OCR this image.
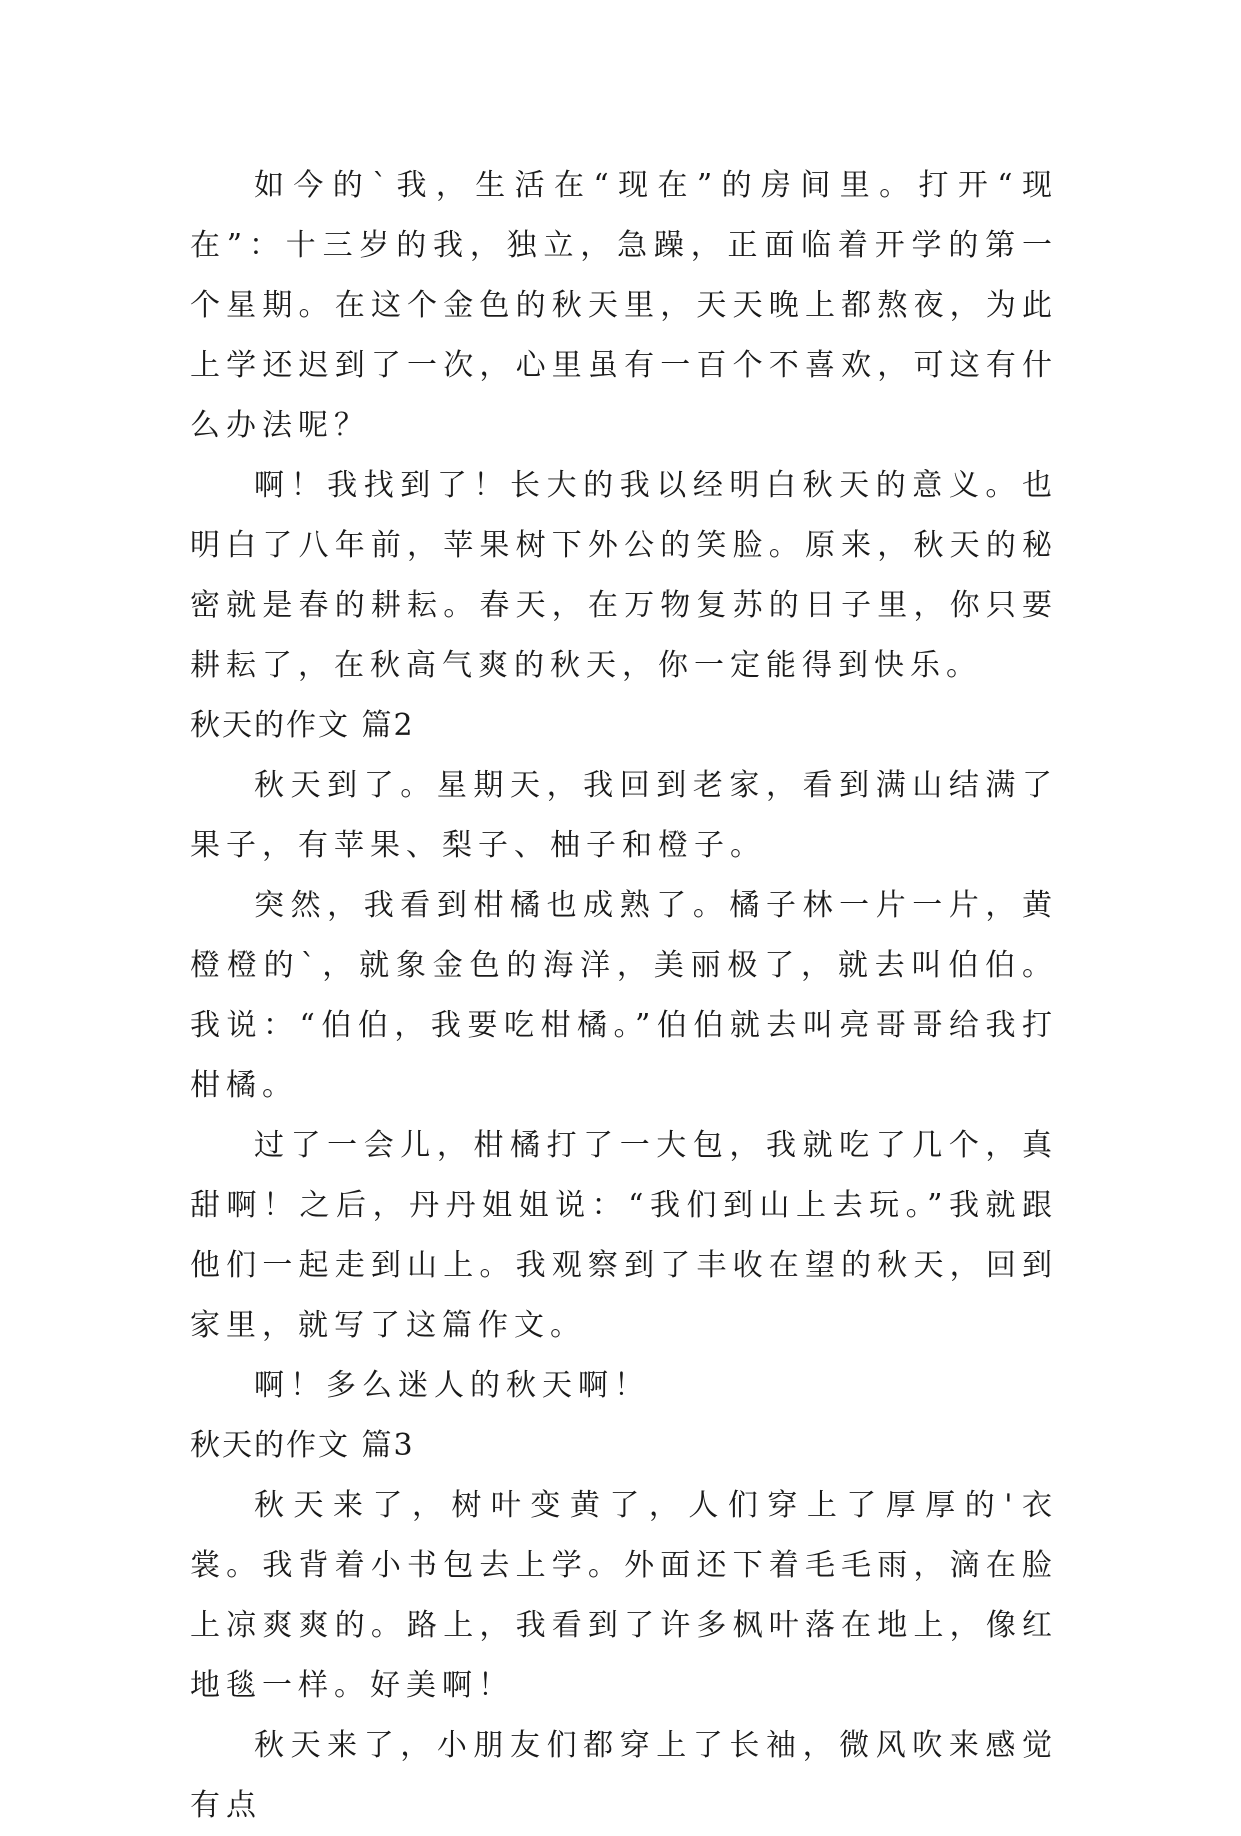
如今的`我，生活在“现在”的房间里。打开“现在”：十三岁的我，独立，急躁，正面临着开学的第一个星期。在这个金色的秋天里，天天晚上都熬夜，为此上学还迟到了一次，心里虽有一百个不喜欢，可这有什么办法呢？

啊！我找到了！长大的我以经明白秋天的意义。也明白了八年前，苹果树下外公的笑脸。原来，秋天的秘密就是春的耕耘。春天，在万物复苏的日子里，你只要耕耘了，在秋高气爽的秋天，你一定能得到快乐。

秋天的作文 篇2

秋天到了。星期天，我回到老家，看到满山结满了果子，有苹果、梨子、柚子和橙子。

突然，我看到柑橘也成熟了。橘子林一片一片，黄橙橙的`，就象金色的海洋，美丽极了，就去叫伯伯。我说：“伯伯，我要吃柑橘。”伯伯就去叫亮哥哥给我打柑橘。

过了一会儿，柑橘打了一大包，我就吃了几个，真甜啊！之后，丹丹姐姐说：“我们到山上去玩。”我就跟他们一起走到山上。我观察到了丰收在望的秋天，回到家里，就写了这篇作文。

啊！多么迷人的秋天啊！

秋天的作文 篇3

秋天来了，树叶变黄了，人们穿上了厚厚的'衣裳。我背着小书包去上学。外面还下着毛毛雨，滴在脸上凉爽爽的。路上，我看到了许多枫叶落在地上，像红地毯一样。好美啊！

秋天来了，小朋友们都穿上了长袖，微风吹来感觉有点
